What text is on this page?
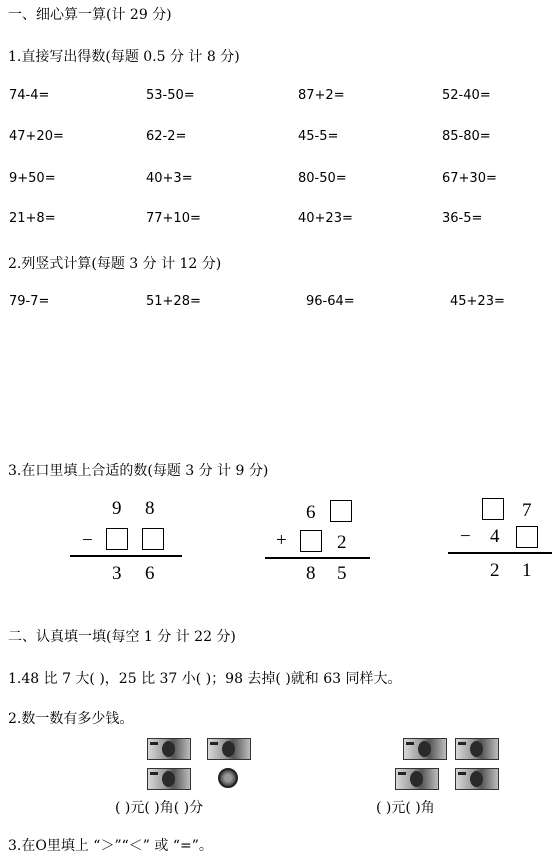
一、细心算一算(计 29 分)
1.直接写出得数(每题 0.5 分 计 8 分)
74-4=	53-50=	87+2=	52-40=
47+20=	62-2=	45-5=	85-80=
9+50=	40+3=	80-50=	67+30=
21+8=	77+10=	40+23=	36-5=
2.列竖式计算(每题 3 分 计 12 分)
79-7=	51+28=	96-64=	45+23=
3.在口里填上合适的数(每题 3 分 计 9 分)
9 8
−
3 6
6
+	2
8 5
7
− 4
2 1
二、认真填一填(每空 1 分 计 22 分)
1.48 比 7 大( )，25 比 37 小( )；98 去掉( )就和 63 同样大。
2.数一数有多少钱。
( )元( )角( )分	( )元( )角
3.在O里填上 “＞”“＜” 或 “=”。
